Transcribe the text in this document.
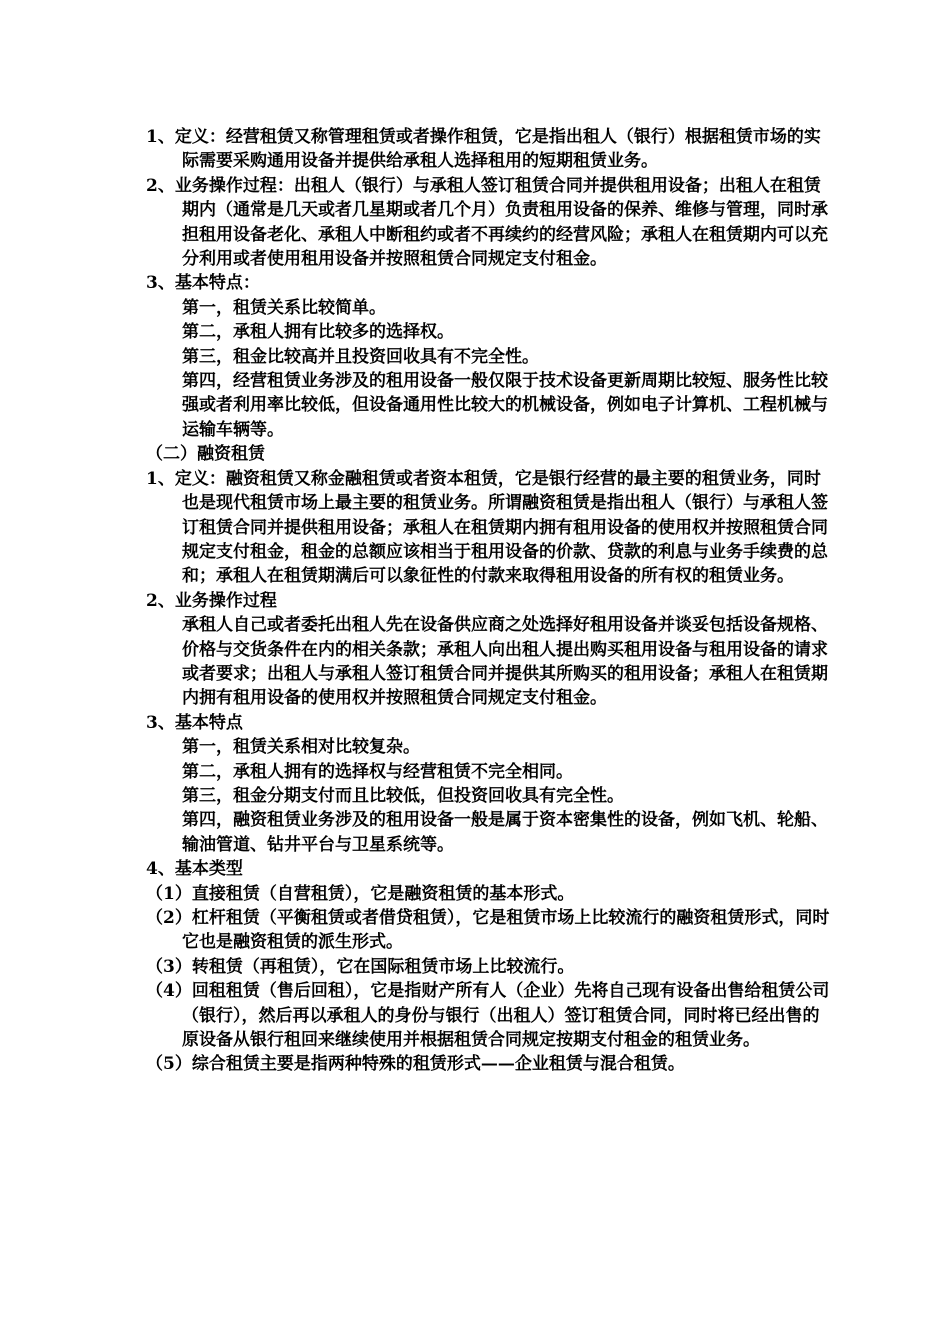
1、定义：经营租赁又称管理租赁或者操作租赁，它是指出租人（银行）根据租赁市场的实际需要采购通用设备并提供给承租人选择租用的短期租赁业务。

2、业务操作过程：出租人（银行）与承租人签订租赁合同并提供租用设备；出租人在租赁期内（通常是几天或者几星期或者几个月）负责租用设备的保养、维修与管理，同时承担租用设备老化、承租人中断租约或者不再续约的经营风险；承租人在租赁期内可以充分利用或者使用租用设备并按照租赁合同规定支付租金。

3、基本特点：

第一，租赁关系比较简单。

第二，承租人拥有比较多的选择权。

第三，租金比较高并且投资回收具有不完全性。

第四，经营租赁业务涉及的租用设备一般仅限于技术设备更新周期比较短、服务性比较强或者利用率比较低，但设备通用性比较大的机械设备，例如电子计算机、工程机械与运输车辆等。

（二）融资租赁

1、定义：融资租赁又称金融租赁或者资本租赁，它是银行经营的最主要的租赁业务，同时也是现代租赁市场上最主要的租赁业务。所谓融资租赁是指出租人（银行）与承租人签订租赁合同并提供租用设备；承租人在租赁期内拥有租用设备的使用权并按照租赁合同规定支付租金，租金的总额应该相当于租用设备的价款、贷款的利息与业务手续费的总和；承租人在租赁期满后可以象征性的付款来取得租用设备的所有权的租赁业务。

2、业务操作过程

承租人自己或者委托出租人先在设备供应商之处选择好租用设备并谈妥包括设备规格、价格与交货条件在内的相关条款；承租人向出租人提出购买租用设备与租用设备的请求或者要求；出租人与承租人签订租赁合同并提供其所购买的租用设备；承租人在租赁期内拥有租用设备的使用权并按照租赁合同规定支付租金。

3、基本特点

第一，租赁关系相对比较复杂。

第二，承租人拥有的选择权与经营租赁不完全相同。

第三，租金分期支付而且比较低，但投资回收具有完全性。

第四，融资租赁业务涉及的租用设备一般是属于资本密集性的设备，例如飞机、轮船、输油管道、钻井平台与卫星系统等。

4、基本类型

（1）直接租赁（自营租赁），它是融资租赁的基本形式。

（2）杠杆租赁（平衡租赁或者借贷租赁），它是租赁市场上比较流行的融资租赁形式，同时它也是融资租赁的派生形式。

（3）转租赁（再租赁），它在国际租赁市场上比较流行。

（4）回租租赁（售后回租），它是指财产所有人（企业）先将自己现有设备出售给租赁公司（银行），然后再以承租人的身份与银行（出租人）签订租赁合同，同时将已经出售的原设备从银行租回来继续使用并根据租赁合同规定按期支付租金的租赁业务。

（5）综合租赁主要是指两种特殊的租赁形式——企业租赁与混合租赁。
